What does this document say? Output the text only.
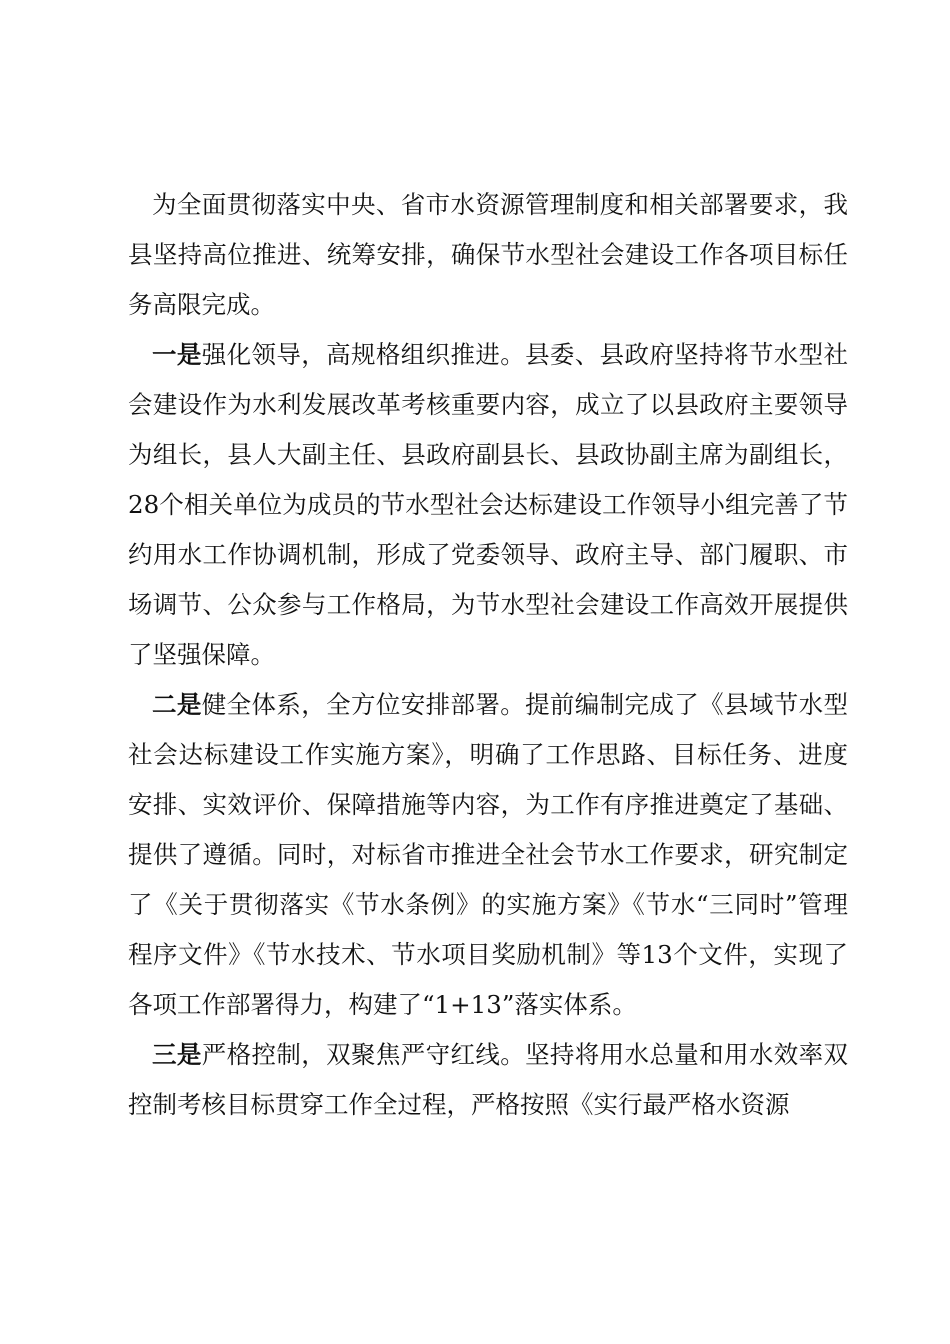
为全面贯彻落实中央、省市水资源管理制度和相关部署要求，我县坚持高位推进、统筹安排，确保节水型社会建设工作各项目标任务高限完成。

一是强化领导，高规格组织推进。县委、县政府坚持将节水型社会建设作为水利发展改革考核重要内容，成立了以县政府主要领导为组长，县人大副主任、县政府副县长、县政协副主席为副组长，28个相关单位为成员的节水型社会达标建设工作领导小组完善了节约用水工作协调机制，形成了党委领导、政府主导、部门履职、市场调节、公众参与工作格局，为节水型社会建设工作高效开展提供了坚强保障。

二是健全体系，全方位安排部署。提前编制完成了《县域节水型社会达标建设工作实施方案》，明确了工作思路、目标任务、进度安排、实效评价、保障措施等内容，为工作有序推进奠定了基础、提供了遵循。同时，对标省市推进全社会节水工作要求，研究制定了《关于贯彻落实《节水条例》的实施方案》《节水“三同时”管理程序文件》《节水技术、节水项目奖励机制》等13个文件，实现了各项工作部署得力，构建了“1+13”落实体系。

三是严格控制，双聚焦严守红线。坚持将用水总量和用水效率双控制考核目标贯穿工作全过程，严格按照《实行最严格水资源
